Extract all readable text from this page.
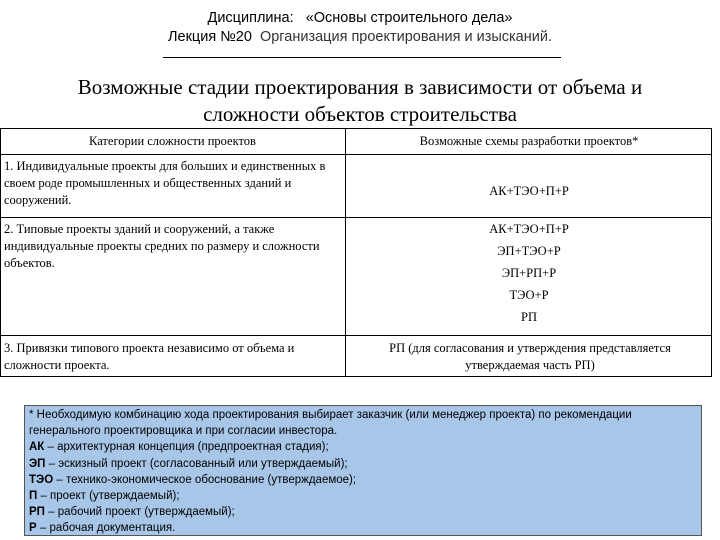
Дисциплина: «Основы строительного дела»
Лекция №20 Организация проектирования и изысканий.
Возможные стадии проектирования в зависимости от объема и
сложности объектов строительства
Категории сложности проектов	Возможные схемы разработки проектов*
1. Индивидуальные проекты для больших и единственных в своем роде промышленных и общественных зданий и сооружений.
АК+ТЭО+П+Р
2. Типовые проекты зданий и сооружений, а также индивидуальные проекты средних по размеру и сложности объектов.
АК+ТЭО+П+Р
ЭП+ТЭО+Р
ЭП+РП+Р
ТЭО+Р
РП
3. Привязки типового проекта независимо от объема и сложности проекта.
РП (для согласования и утверждения представляется утверждаемая часть РП)
* Необходимую комбинацию хода проектирования выбирает заказчик (или менеджер проекта) по рекомендации генерального проектировщика и при согласии инвестора.
АК – архитектурная концепция (предпроектная стадия);
ЭП – эскизный проект (согласованный или утверждаемый);
ТЭО – технико-экономическое обоснование (утверждаемое);
П – проект (утверждаемый);
РП – рабочий проект (утверждаемый);
Р – рабочая документация.
